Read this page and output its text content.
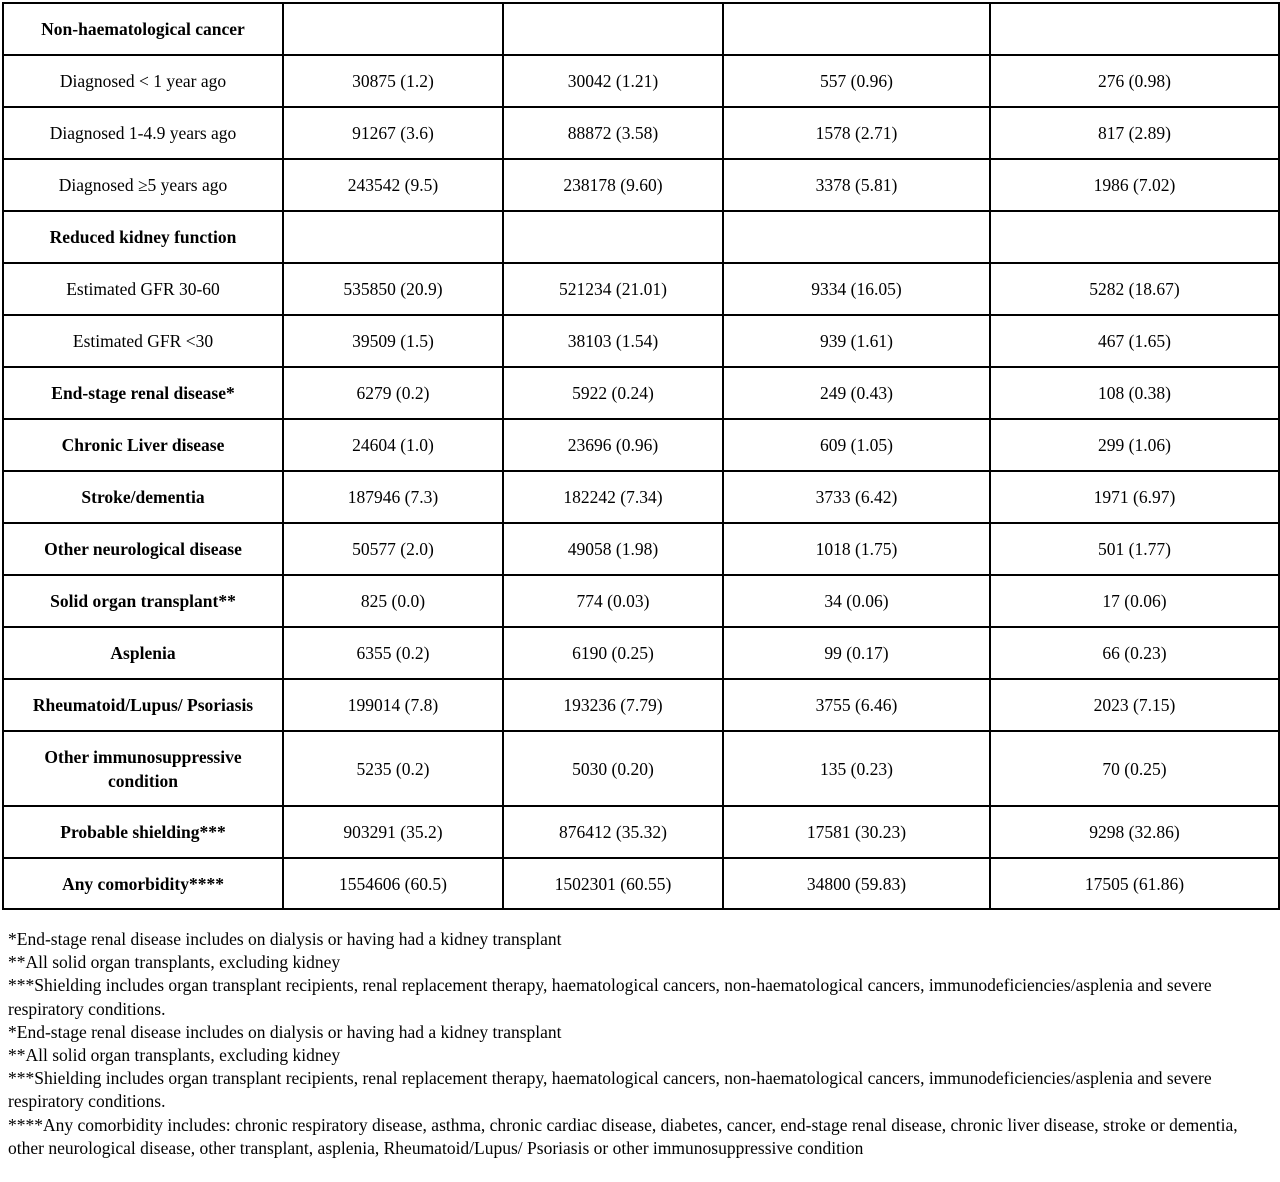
Non-haematological cancer				
Diagnosed < 1 year ago	30875 (1.2)	30042 (1.21)	557 (0.96)	276 (0.98)
Diagnosed 1-4.9 years ago	91267 (3.6)	88872 (3.58)	1578 (2.71)	817 (2.89)
Diagnosed ≥5 years ago	243542 (9.5)	238178 (9.60)	3378 (5.81)	1986 (7.02)
Reduced kidney function				
Estimated GFR 30-60	535850 (20.9)	521234 (21.01)	9334 (16.05)	5282 (18.67)
Estimated GFR <30	39509 (1.5)	38103 (1.54)	939 (1.61)	467 (1.65)
End-stage renal disease*	6279 (0.2)	5922 (0.24)	249 (0.43)	108 (0.38)
Chronic Liver disease	24604 (1.0)	23696 (0.96)	609 (1.05)	299 (1.06)
Stroke/dementia	187946 (7.3)	182242 (7.34)	3733 (6.42)	1971 (6.97)
Other neurological disease	50577 (2.0)	49058 (1.98)	1018 (1.75)	501 (1.77)
Solid organ transplant**	825 (0.0)	774 (0.03)	34 (0.06)	17 (0.06)
Asplenia	6355 (0.2)	6190 (0.25)	99 (0.17)	66 (0.23)
Rheumatoid/Lupus/ Psoriasis	199014 (7.8)	193236 (7.79)	3755 (6.46)	2023 (7.15)
Other immunosuppressive condition	5235 (0.2)	5030 (0.20)	135 (0.23)	70 (0.25)
Probable shielding***	903291 (35.2)	876412 (35.32)	17581 (30.23)	9298 (32.86)
Any comorbidity****	1554606 (60.5)	1502301 (60.55)	34800 (59.83)	17505 (61.86)

*End-stage renal disease includes on dialysis or having had a kidney transplant

**All solid organ transplants, excluding kidney

***Shielding includes organ transplant recipients, renal replacement therapy, haematological cancers, non-haematological cancers, immunodeficiencies/asplenia and severe respiratory conditions.

*End-stage renal disease includes on dialysis or having had a kidney transplant

**All solid organ transplants, excluding kidney

***Shielding includes organ transplant recipients, renal replacement therapy, haematological cancers, non-haematological cancers, immunodeficiencies/asplenia and severe respiratory conditions.

****Any comorbidity includes: chronic respiratory disease, asthma, chronic cardiac disease, diabetes, cancer, end-stage renal disease, chronic liver disease, stroke or dementia, other neurological disease, other transplant, asplenia, Rheumatoid/Lupus/ Psoriasis or other immunosuppressive condition
